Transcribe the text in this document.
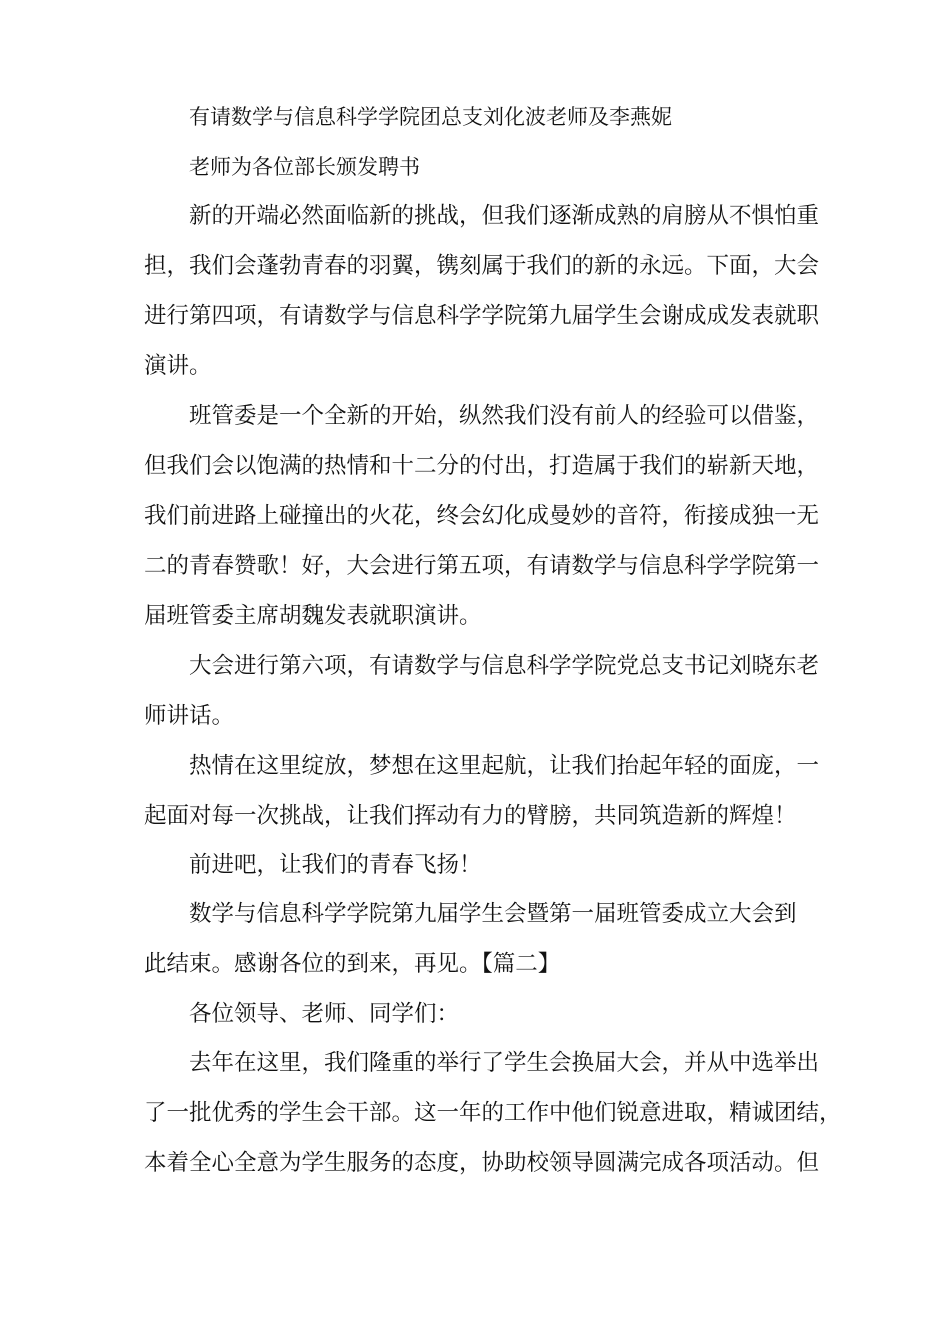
有请数学与信息科学学院团总支刘化波老师及李燕妮

老师为各位部长颁发聘书

新的开端必然面临新的挑战，但我们逐渐成熟的肩膀从不惧怕重

担，我们会蓬勃青春的羽翼，镌刻属于我们的新的永远。下面，大会

进行第四项，有请数学与信息科学学院第九届学生会谢成成发表就职

演讲。

班管委是一个全新的开始，纵然我们没有前人的经验可以借鉴，

但我们会以饱满的热情和十二分的付出，打造属于我们的崭新天地，

我们前进路上碰撞出的火花，终会幻化成曼妙的音符，衔接成独一无

二的青春赞歌！好，大会进行第五项，有请数学与信息科学学院第一

届班管委主席胡魏发表就职演讲。

大会进行第六项，有请数学与信息科学学院党总支书记刘晓东老

师讲话。

热情在这里绽放，梦想在这里起航，让我们抬起年轻的面庞，一

起面对每一次挑战，让我们挥动有力的臂膀，共同筑造新的辉煌！

前进吧，让我们的青春飞扬！

数学与信息科学学院第九届学生会暨第一届班管委成立大会到

此结束。感谢各位的到来，再见。【篇二】

各位领导、老师、同学们：

去年在这里，我们隆重的举行了学生会换届大会，并从中选举出

了一批优秀的学生会干部。这一年的工作中他们锐意进取，精诚团结，

本着全心全意为学生服务的态度，协助校领导圆满完成各项活动。但
